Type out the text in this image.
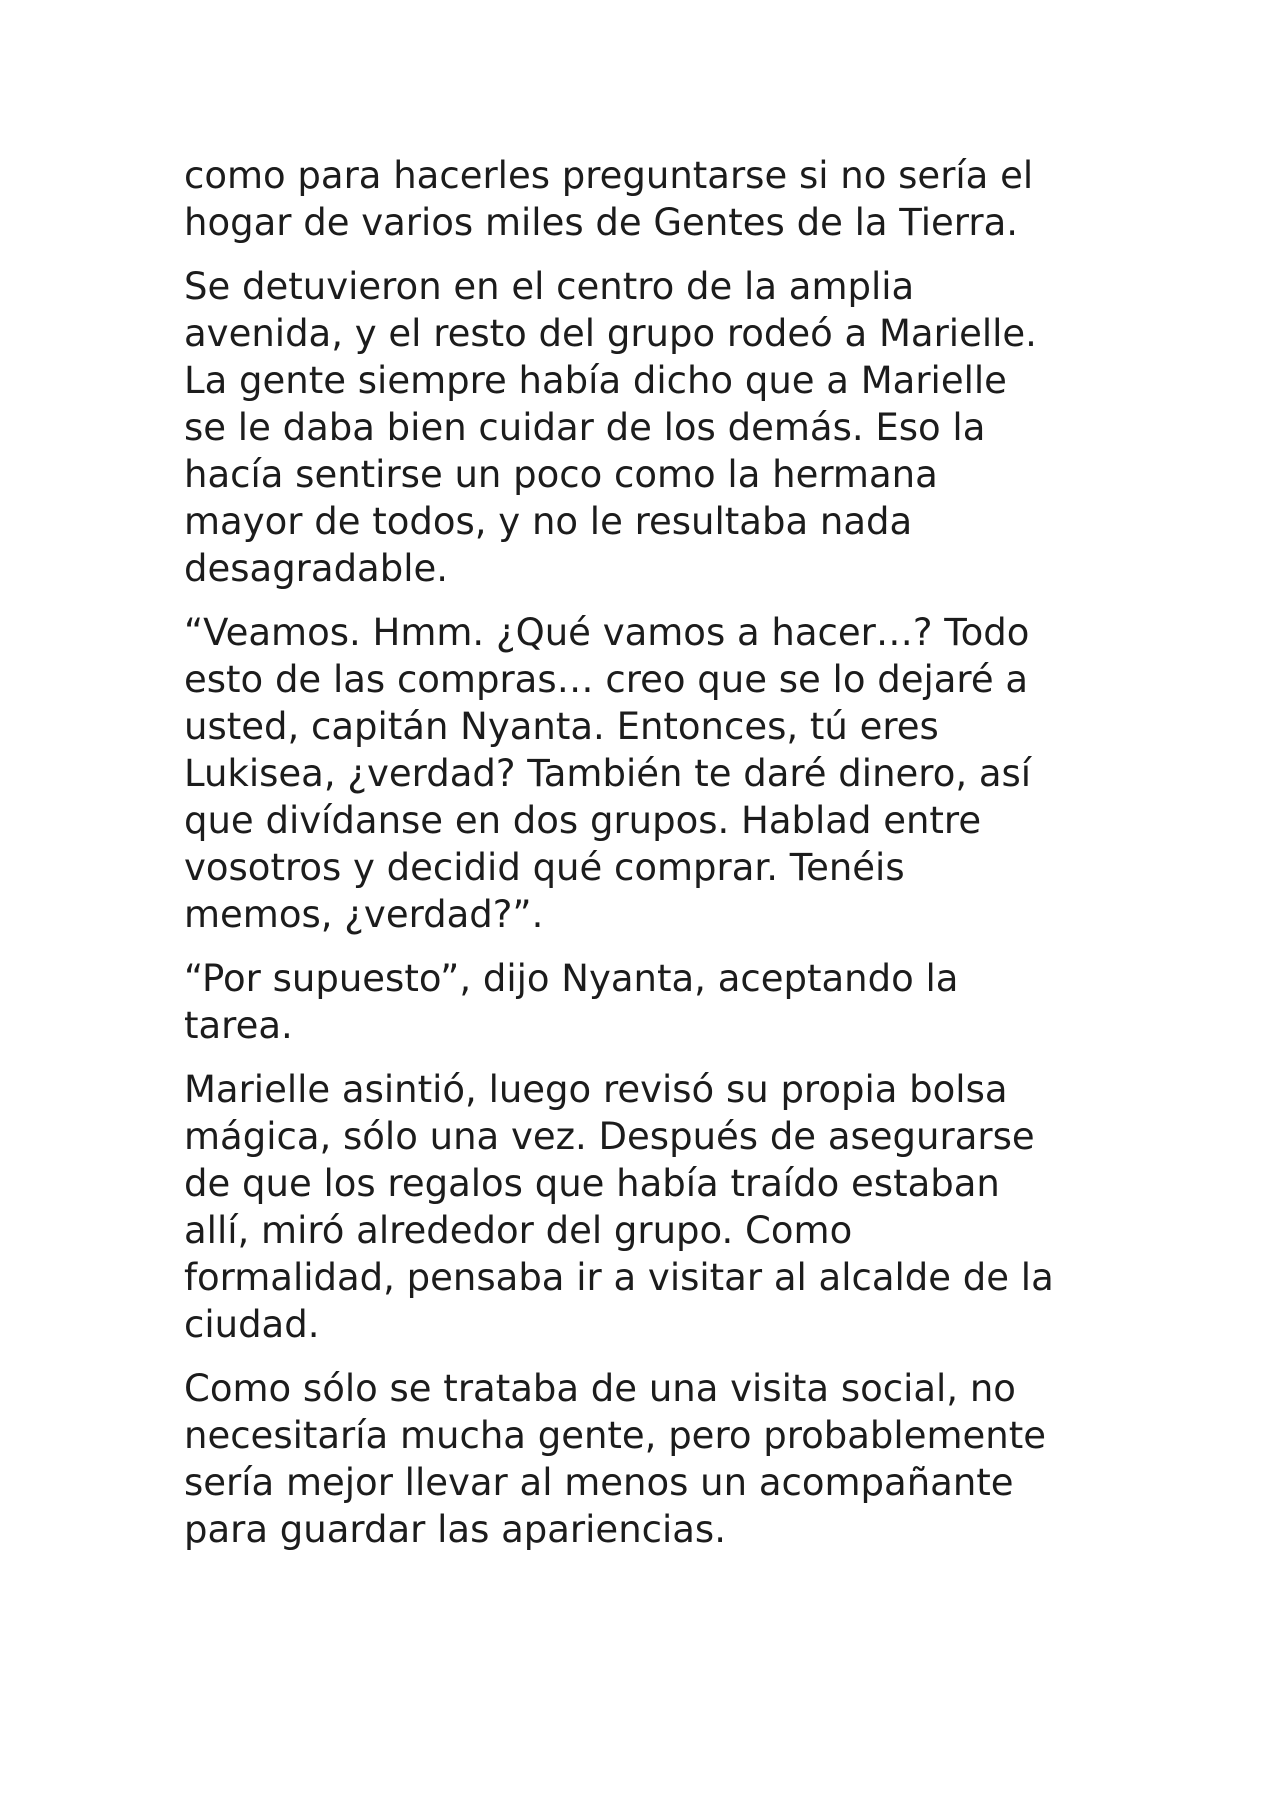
como para hacerles preguntarse si no sería el
hogar de varios miles de Gentes de la Tierra.

Se detuvieron en el centro de la amplia
avenida, y el resto del grupo rodeó a Marielle.
La gente siempre había dicho que a Marielle
se le daba bien cuidar de los demás. Eso la
hacía sentirse un poco como la hermana
mayor de todos, y no le resultaba nada
desagradable.

“Veamos. Hmm. ¿Qué vamos a hacer…? Todo
esto de las compras… creo que se lo dejaré a
usted, capitán Nyanta. Entonces, tú eres
Lukisea, ¿verdad? También te daré dinero, así
que divídanse en dos grupos. Hablad entre
vosotros y decidid qué comprar. Tenéis
memos, ¿verdad?”.

“Por supuesto”, dijo Nyanta, aceptando la
tarea.

Marielle asintió, luego revisó su propia bolsa
mágica, sólo una vez. Después de asegurarse
de que los regalos que había traído estaban
allí, miró alrededor del grupo. Como
formalidad, pensaba ir a visitar al alcalde de la
ciudad.

Como sólo se trataba de una visita social, no
necesitaría mucha gente, pero probablemente
sería mejor llevar al menos un acompañante
para guardar las apariencias.
